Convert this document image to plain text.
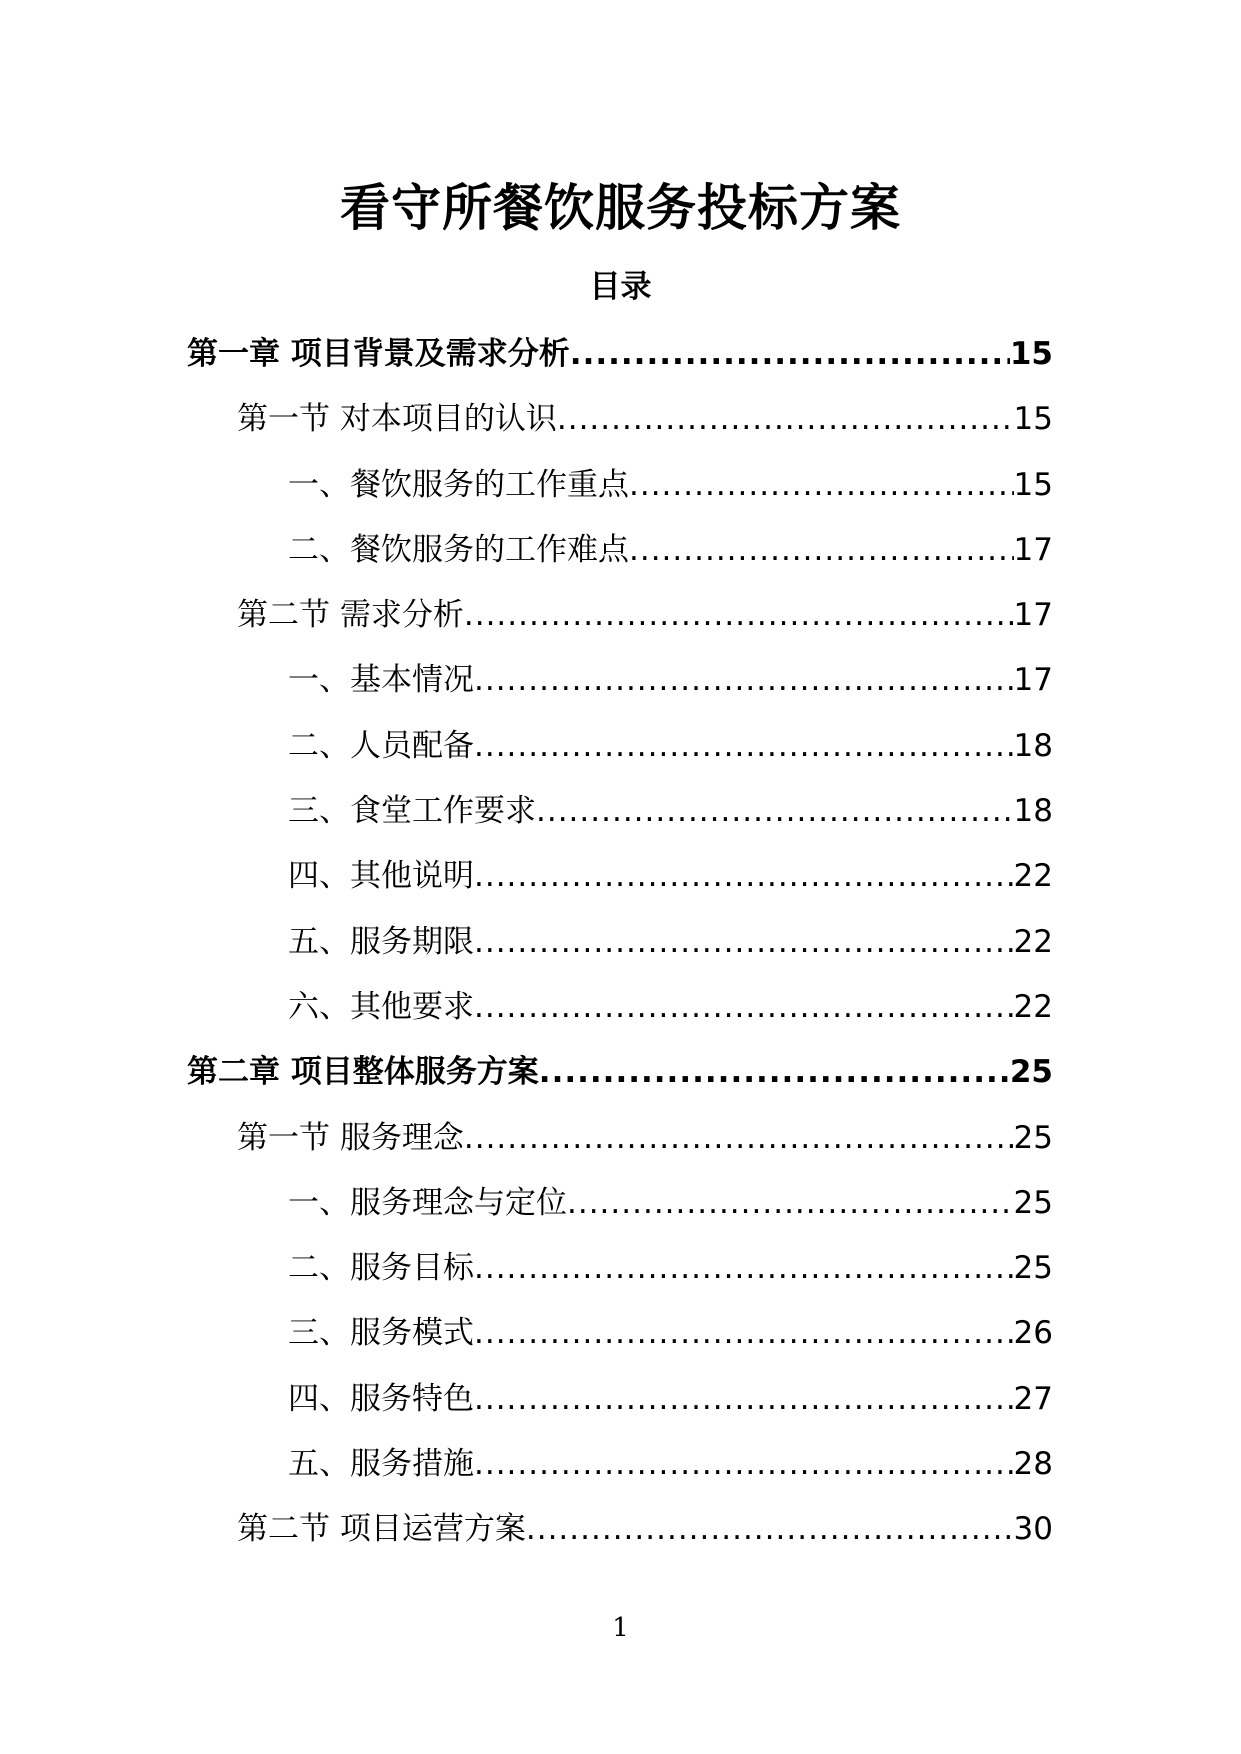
看守所餐饮服务投标方案
目录
第一章 项目背景及需求分析 .....	15
第一节 对本项目的认识 .....	15
一、餐饮服务的工作重点 .....	15
二、餐饮服务的工作难点 .....	17
第二节 需求分析 .....	17
一、基本情况 .....	17
二、人员配备 .....	18
三、食堂工作要求 .....	18
四、其他说明 .....	22
五、服务期限 .....	22
六、其他要求 .....	22
第二章 项目整体服务方案 .....	25
第一节 服务理念 .....	25
一、服务理念与定位 .....	25
二、服务目标 .....	25
三、服务模式 .....	26
四、服务特色 .....	27
五、服务措施 .....	28
第二节 项目运营方案 .....	30
1
